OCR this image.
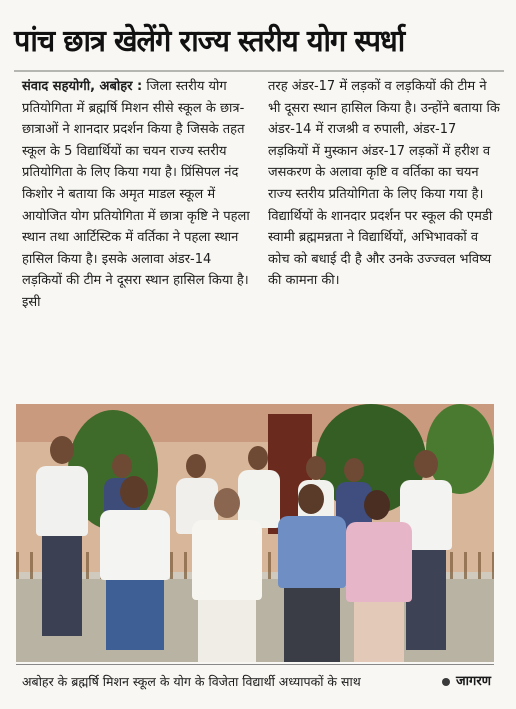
पांच छात्र खेलेंगे राज्य स्तरीय योग स्पर्धा
संवाद सहयोगी, अबोहर : जिला स्तरीय योग प्रतियोगिता में ब्रह्मर्षि मिशन सीसे स्कूल के छात्र-छात्राओं ने शानदार प्रदर्शन किया है जिसके तहत स्कूल के 5 विद्यार्थियों का चयन राज्य स्तरीय प्रतियोगिता के लिए किया गया है। प्रिंसिपल नंद किशोर ने बताया कि अमृत माडल स्कूल में आयोजित योग प्रतियोगिता में छात्रा कृष्टि ने पहला स्थान तथा आर्टिस्टिक में वर्तिका ने पहला स्थान हासिल किया है। इसके अलावा अंडर-14 लड़कियों की टीम ने दूसरा स्थान हासिल किया है। इसी
तरह अंडर-17 में लड़कों व लड़कियों की टीम ने भी दूसरा स्थान हासिल किया है। उन्होंने बताया कि अंडर-14 में राजश्री व रुपाली, अंडर-17 लड़कियों में मुस्कान अंडर-17 लड़कों में हरीश व जसकरण के अलावा कृष्टि व वर्तिका का चयन राज्य स्तरीय प्रतियोगिता के लिए किया गया है। विद्यार्थियों के शानदार प्रदर्शन पर स्कूल की एमडी स्वामी ब्रह्ममन्नता ने विद्यार्थियों, अभिभावकों व कोच को बधाई दी है और उनके उज्ज्वल भविष्य की कामना की।
अबोहर के ब्रह्मर्षि मिशन स्कूल के योग के विजेता विद्यार्थी अध्यापकों के साथ	जागरण
